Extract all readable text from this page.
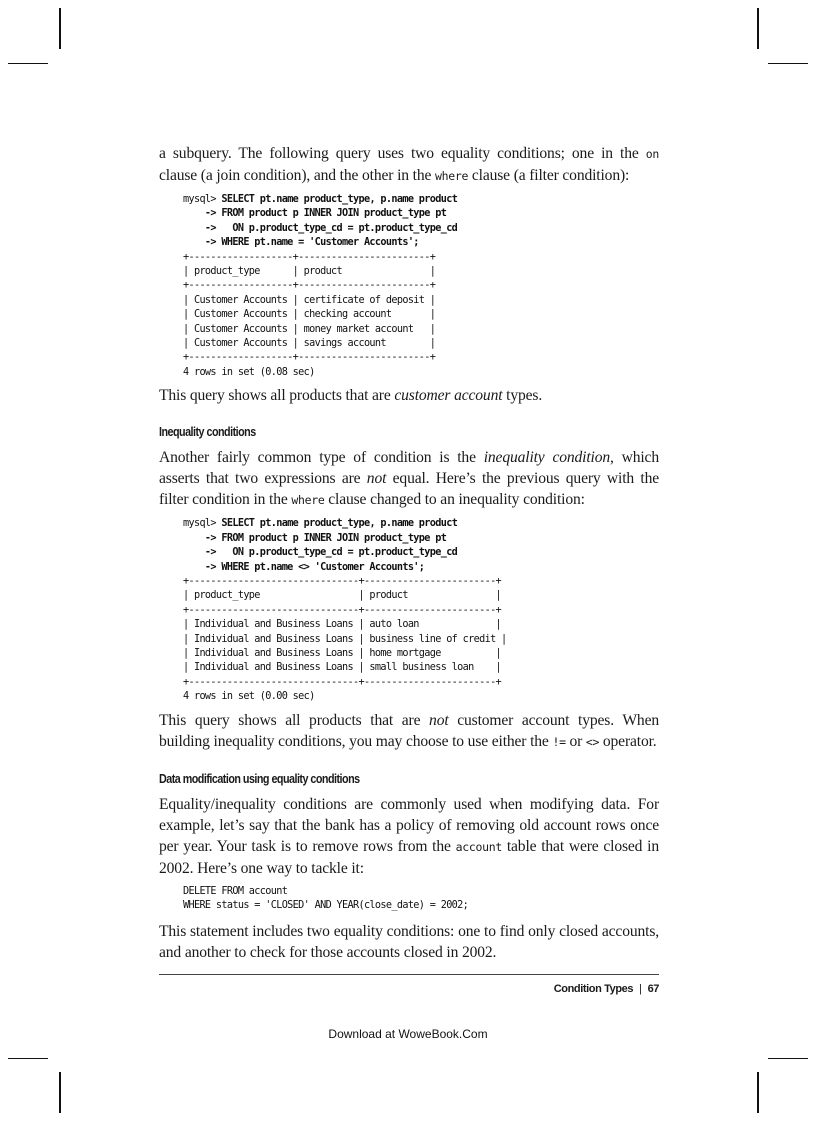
a subquery. The following query uses two equality conditions; one in the on clause (a join condition), and the other in the where clause (a filter condition):

mysql> SELECT pt.name product_type, p.name product
-> FROM product p INNER JOIN product_type pt
->   ON p.product_type_cd = pt.product_type_cd
-> WHERE pt.name = 'Customer Accounts';
+-------------------+------------------------+
| product_type      | product                |
+-------------------+------------------------+
| Customer Accounts | certificate of deposit |
| Customer Accounts | checking account       |
| Customer Accounts | money market account   |
| Customer Accounts | savings account        |
+-------------------+------------------------+
4 rows in set (0.08 sec)

This query shows all products that are customer account types.

Inequality conditions

Another fairly common type of condition is the inequality condition, which asserts that two expressions are not equal. Here’s the previous query with the filter condition in the where clause changed to an inequality condition:

mysql> SELECT pt.name product_type, p.name product
-> FROM product p INNER JOIN product_type pt
->   ON p.product_type_cd = pt.product_type_cd
-> WHERE pt.name <> 'Customer Accounts';
+-------------------------------+------------------------+
| product_type                  | product                |
+-------------------------------+------------------------+
| Individual and Business Loans | auto loan              |
| Individual and Business Loans | business line of credit |
| Individual and Business Loans | home mortgage          |
| Individual and Business Loans | small business loan    |
+-------------------------------+------------------------+
4 rows in set (0.00 sec)

This query shows all products that are not customer account types. When building inequality conditions, you may choose to use either the != or <> operator.

Data modification using equality conditions

Equality/inequality conditions are commonly used when modifying data. For example, let’s say that the bank has a policy of removing old account rows once per year. Your task is to remove rows from the account table that were closed in 2002. Here’s one way to tackle it:

DELETE FROM account
WHERE status = 'CLOSED' AND YEAR(close_date) = 2002;

This statement includes two equality conditions: one to find only closed accounts, and another to check for those accounts closed in 2002.

Condition Types | 67
Download at WoweBook.Com
